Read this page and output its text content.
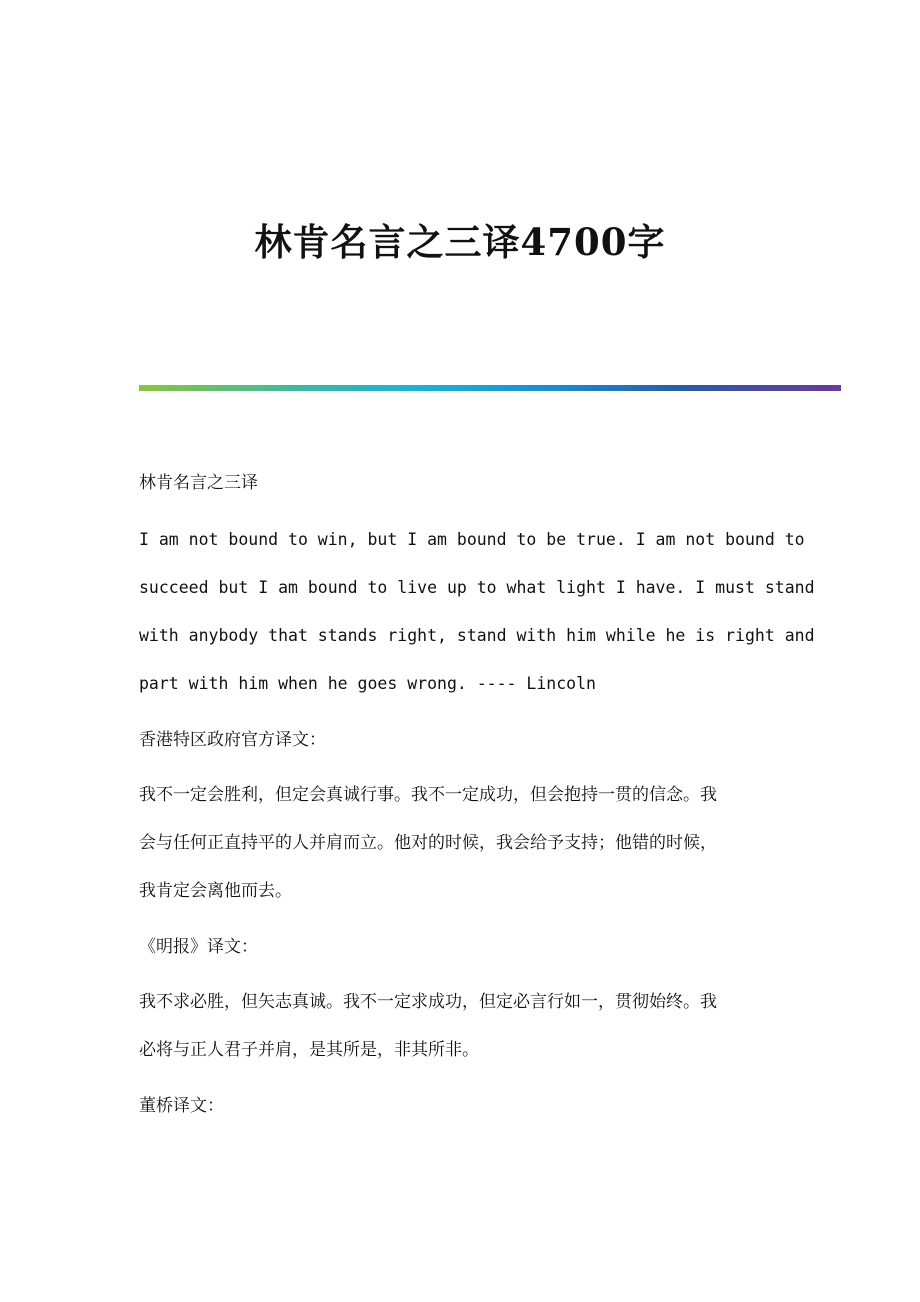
林肯名言之三译4700字
林肯名言之三译
I am not bound to win, but I am bound to be true. I am not bound to
succeed but I am bound to live up to what light I have. I must stand
with anybody that stands right, stand with him while he is right and
part with him when he goes wrong. ---- Lincoln
香港特区政府官方译文：
我不一定会胜利，但定会真诚行事。我不一定成功，但会抱持一贯的信念。我
会与任何正直持平的人并肩而立。他对的时候，我会给予支持；他错的时候，
我肯定会离他而去。
《明报》译文：
我不求必胜，但矢志真诚。我不一定求成功，但定必言行如一，贯彻始终。我
必将与正人君子并肩，是其所是，非其所非。
董桥译文：
